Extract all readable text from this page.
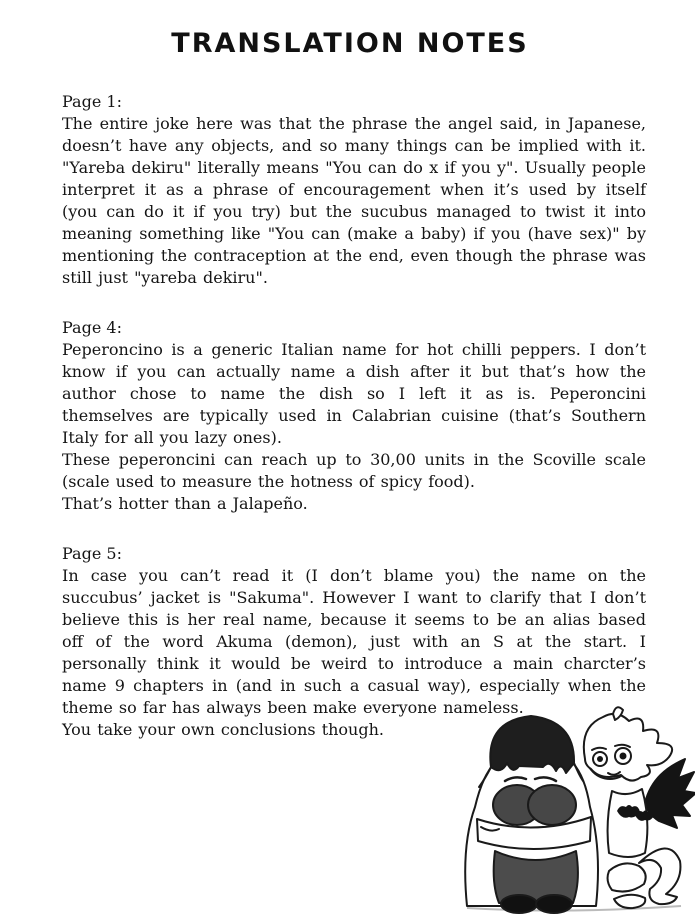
TRANSLATION NOTES

Page 1:

The entire joke here was that the phrase the angel said, in Japanese, doesn’t have any objects, and so many things can be implied with it. "Yareba dekiru" literally means "You can do x if you y". Usually people interpret it as a phrase of encouragement when it’s used by itself (you can do it if you try) but the sucubus managed to twist it into meaning something like "You can (make a baby) if you (have sex)" by mentioning the contraception at the end, even though the phrase was still just "yareba dekiru".

Page 4:

Peperoncino is a generic Italian name for hot chilli peppers. I don’t know if you can actually name a dish after it but that’s how the author chose to name the dish so I left it as is. Peperoncini themselves are typically used in Calabrian cuisine (that’s Southern Italy for all you lazy ones).

These peperoncini can reach up to 30,00 units in the Scoville scale (scale used to measure the hotness of spicy food).

That’s hotter than a Jalapeño.

Page 5:

In case you can’t read it (I don’t blame you) the name on the succubus’ jacket is "Sakuma". However I want to clarify that I don’t believe this is her real name, because it seems to be an alias based off of the word Akuma (demon), just with an S at the start. I personally think it would be weird to introduce a main charcter’s name 9 chapters in (and in such a casual way), especially when the theme so far has always been make everyone nameless.

You take your own conclusions though.
